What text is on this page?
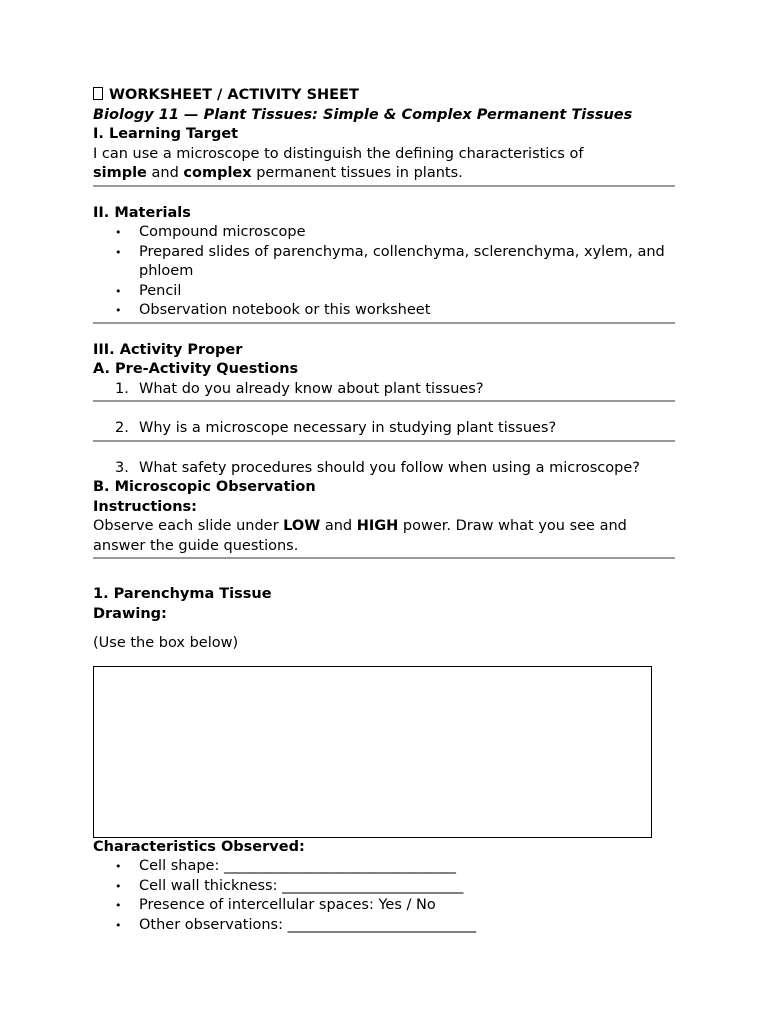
WORKSHEET / ACTIVITY SHEET
Biology 11 — Plant Tissues: Simple & Complex Permanent Tissues
I. Learning Target
I can use a microscope to distinguish the defining characteristics of
simple and complex permanent tissues in plants.
II. Materials
• Compound microscope
• Prepared slides of parenchyma, collenchyma, sclerenchyma, xylem, and phloem
• Pencil
• Observation notebook or this worksheet
III. Activity Proper
A. Pre-Activity Questions
1. What do you already know about plant tissues?
2. Why is a microscope necessary in studying plant tissues?
3. What safety procedures should you follow when using a microscope?
B. Microscopic Observation
Instructions:
Observe each slide under LOW and HIGH power. Draw what you see and
answer the guide questions.
1. Parenchyma Tissue
Drawing:
(Use the box below)
Characteristics Observed:
• Cell shape: ________________________________
• Cell wall thickness: _________________________
• Presence of intercellular spaces: Yes / No
• Other observations: __________________________
